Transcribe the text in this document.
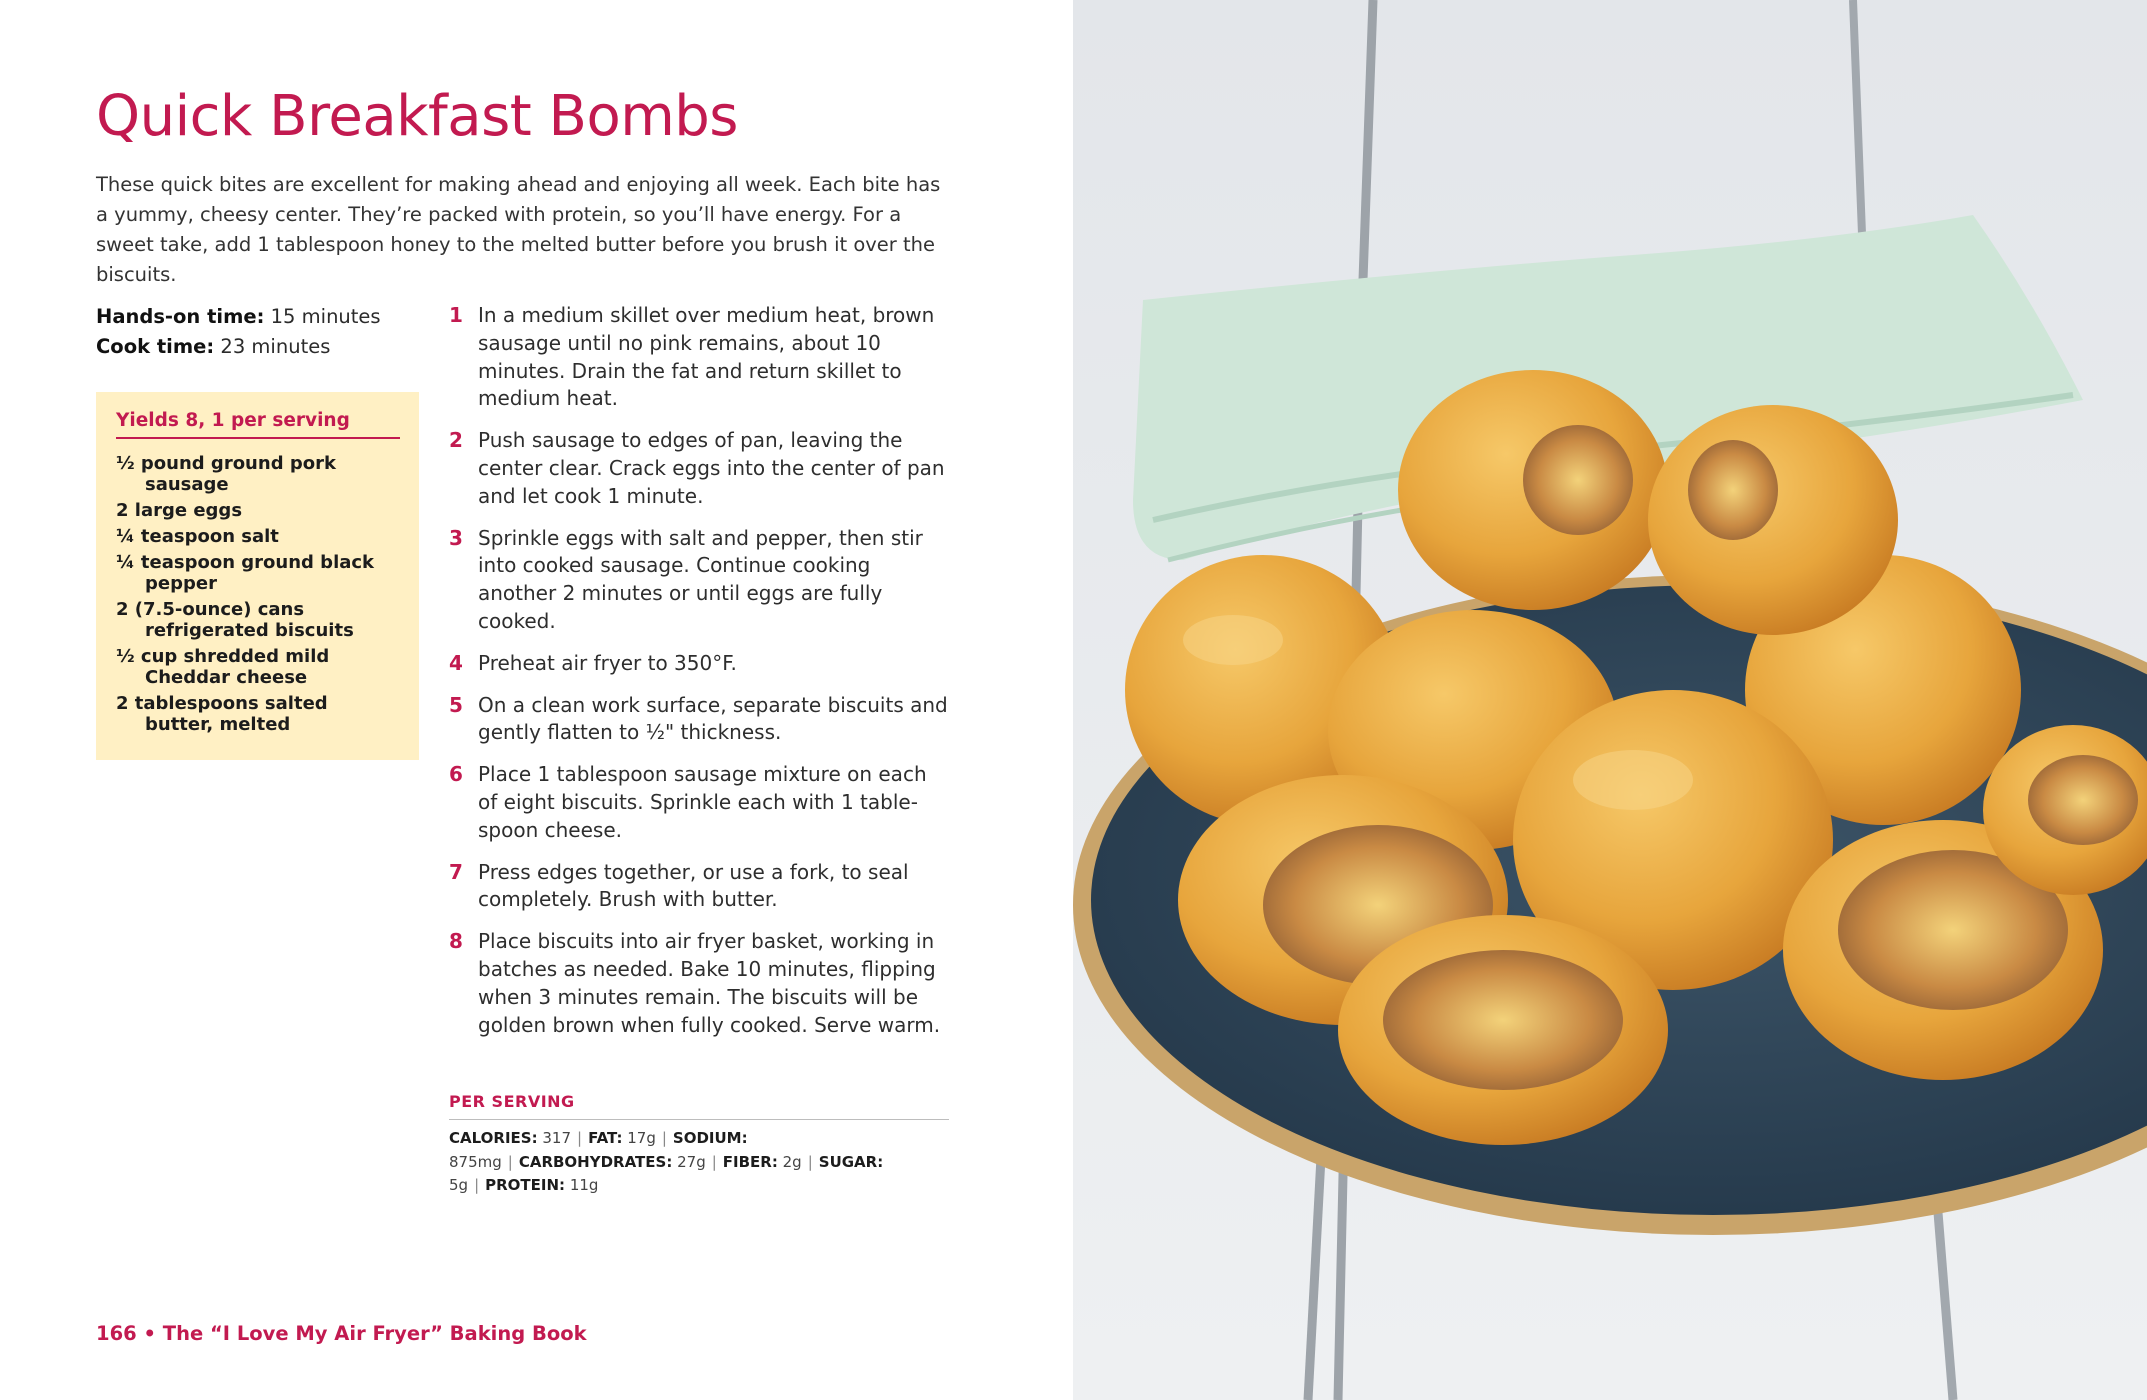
Quick Breakfast Bombs

These quick bites are excellent for making ahead and enjoying all week. Each bite has a yummy, cheesy center. They’re packed with protein, so you’ll have energy. For a sweet take, add 1 tablespoon honey to the melted butter before you brush it over the biscuits.

Hands-on time: 15 minutes
Cook time: 23 minutes
Yields 8, 1 per serving
½ pound ground pork sausage
2 large eggs
¼ teaspoon salt
¼ teaspoon ground black pepper
2 (7.5-ounce) cans refrigerated biscuits
½ cup shredded mild Cheddar cheese
2 tablespoons salted butter, melted
1 In a medium skillet over medium heat, brown sausage until no pink remains, about 10 minutes. Drain the fat and return skillet to medium heat.
2 Push sausage to edges of pan, leaving the center clear. Crack eggs into the center of pan and let cook 1 minute.
3 Sprinkle eggs with salt and pepper, then stir into cooked sausage. Continue cooking another 2 minutes or until eggs are fully cooked.
4 Preheat air fryer to 350°F.
5 On a clean work surface, separate biscuits and gently flatten to ½" thickness.
6 Place 1 tablespoon sausage mixture on each of eight biscuits. Sprinkle each with 1 tablespoon cheese.
7 Press edges together, or use a fork, to seal completely. Brush with butter.
8 Place biscuits into air fryer basket, working in batches as needed. Bake 10 minutes, flipping when 3 minutes remain. The biscuits will be golden brown when fully cooked. Serve warm.
PER SERVING
CALORIES: 317 | FAT: 17g | SODIUM: 875mg | CARBOHYDRATES: 27g | FIBER: 2g | SUGAR: 5g | PROTEIN: 11g
166 • The “I Love My Air Fryer” Baking Book
